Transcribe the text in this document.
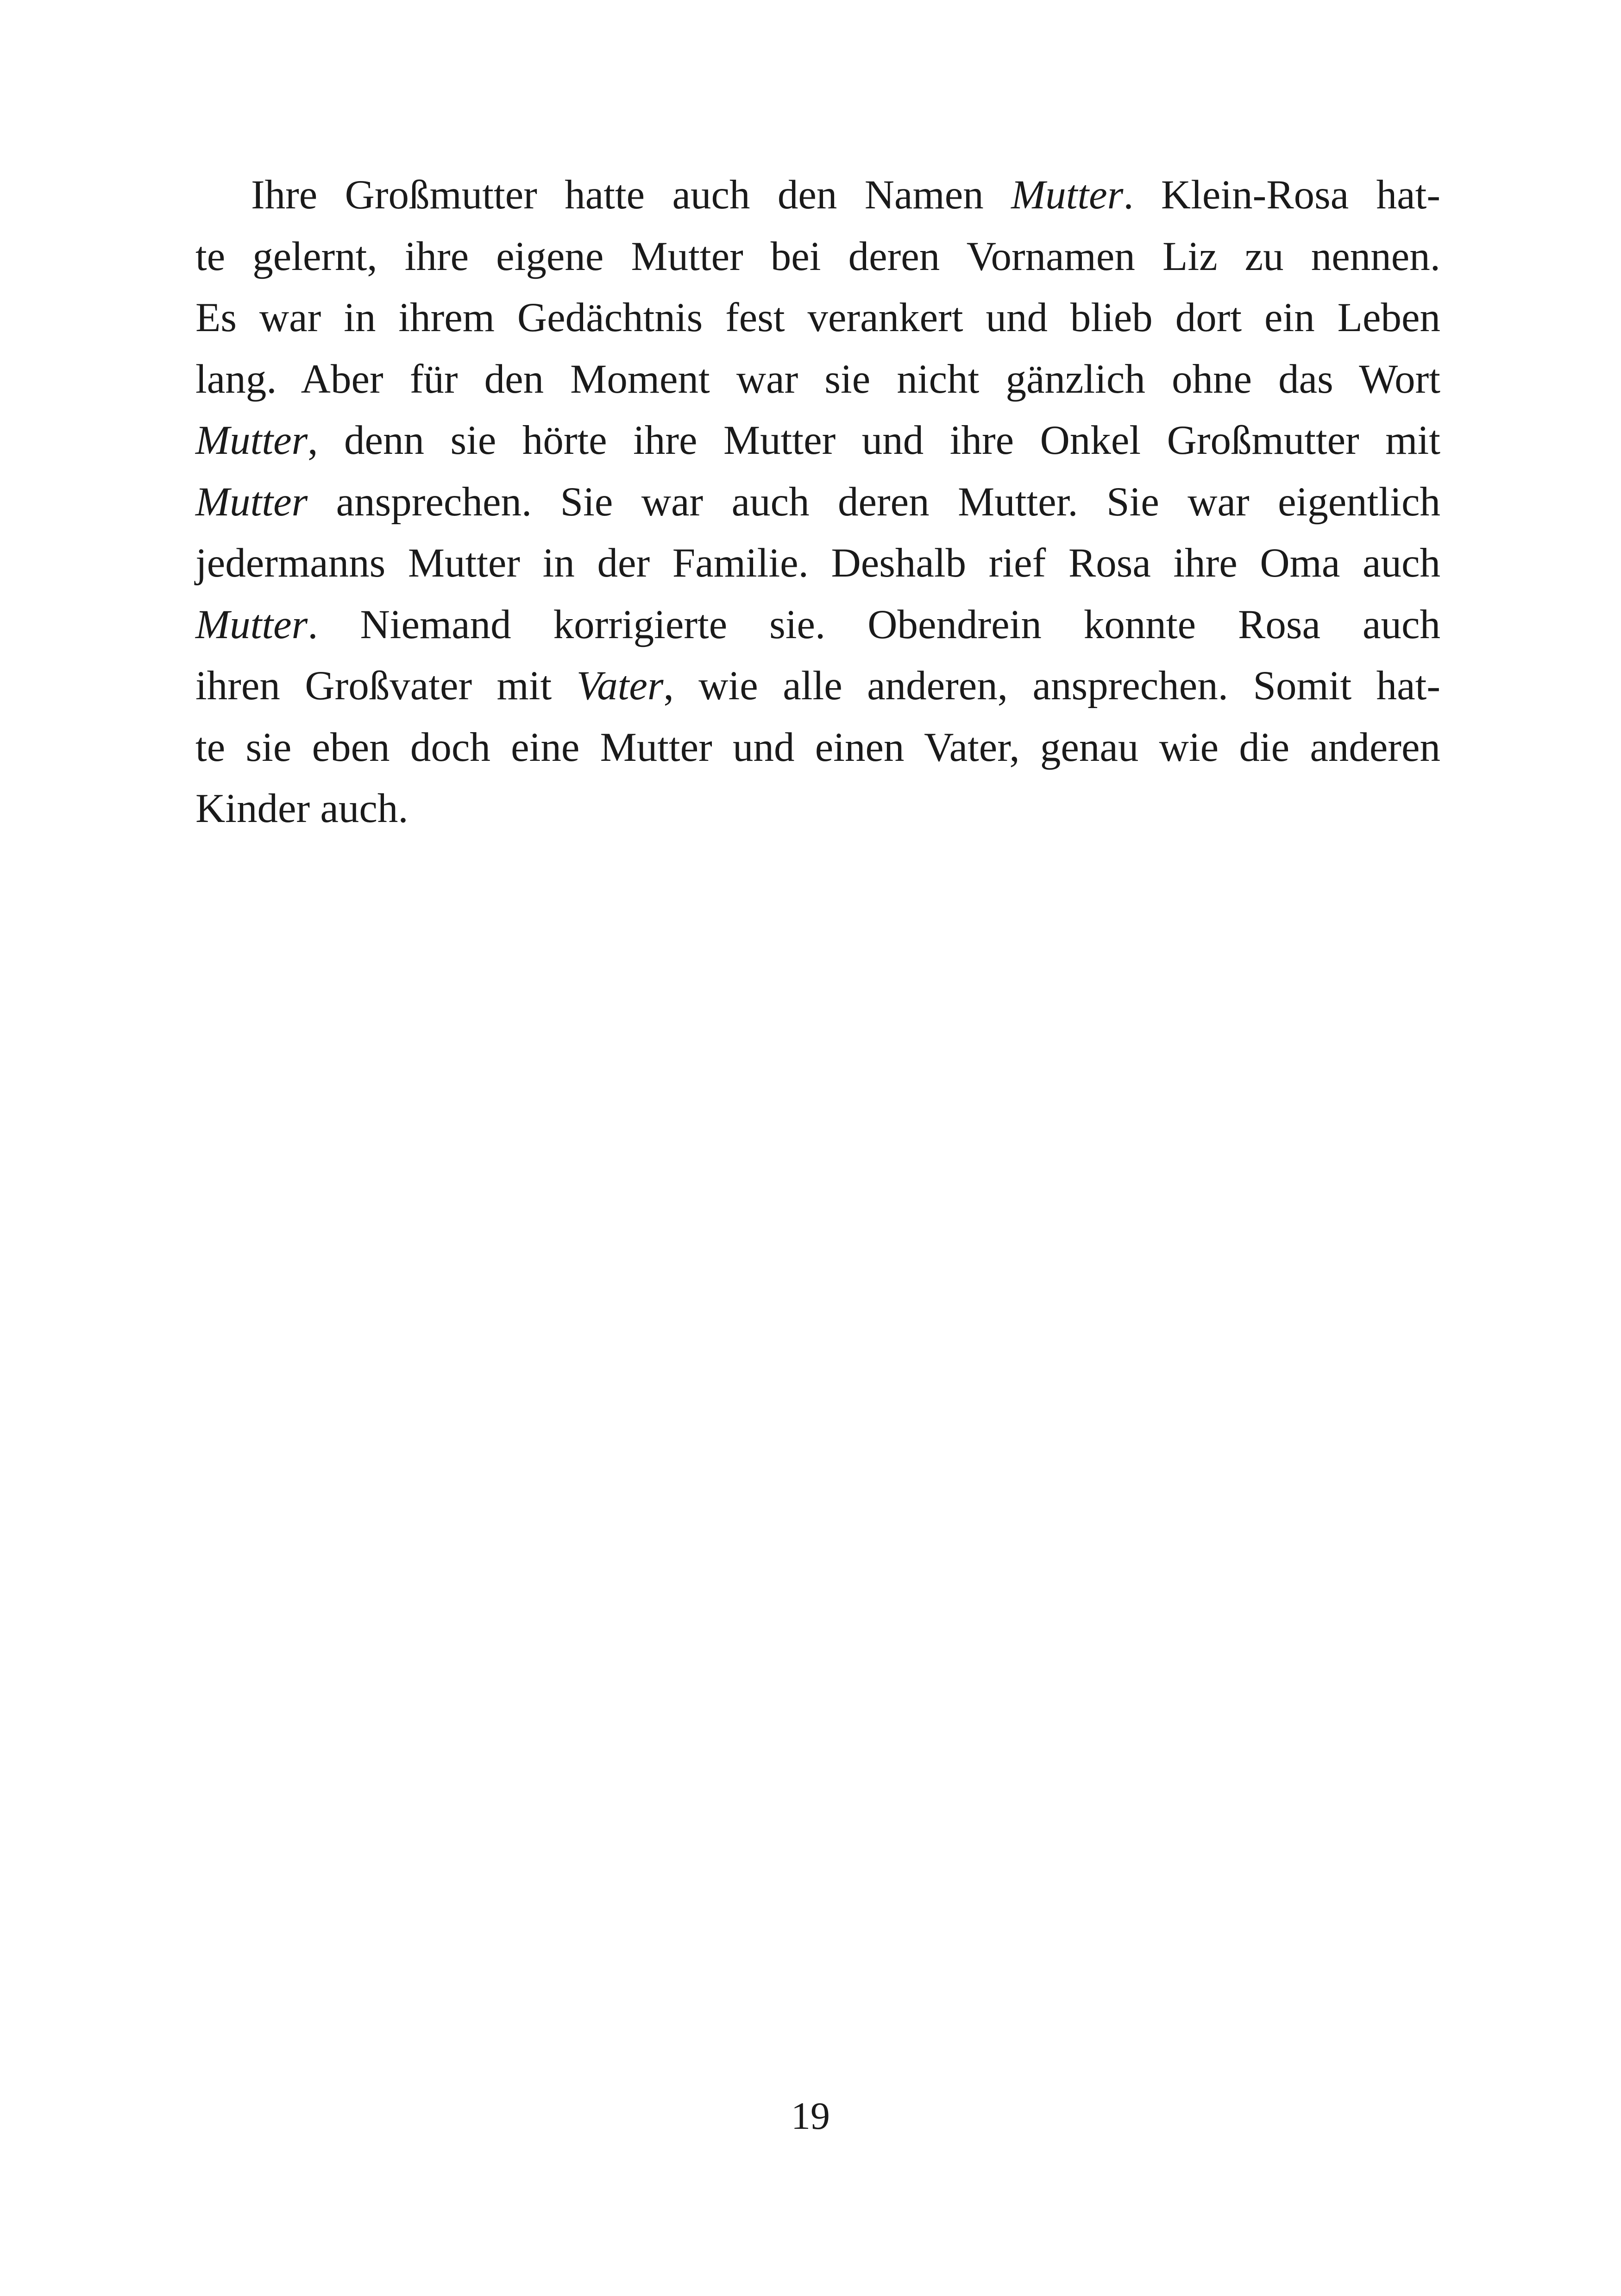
Ihre Großmutter hatte auch den Namen Mutter. Klein-Rosa hat-
te gelernt, ihre eigene Mutter bei deren Vornamen Liz zu nennen.
Es war in ihrem Gedächtnis fest verankert und blieb dort ein Leben
lang. Aber für den Moment war sie nicht gänzlich ohne das Wort
Mutter, denn sie hörte ihre Mutter und ihre Onkel Großmutter mit
Mutter ansprechen. Sie war auch deren Mutter. Sie war eigentlich
jedermanns Mutter in der Familie. Deshalb rief Rosa ihre Oma auch
Mutter. Niemand korrigierte sie. Obendrein konnte Rosa auch
ihren Großvater mit Vater, wie alle anderen, ansprechen. Somit hat-
te sie eben doch eine Mutter und einen Vater, genau wie die anderen
Kinder auch.
19
